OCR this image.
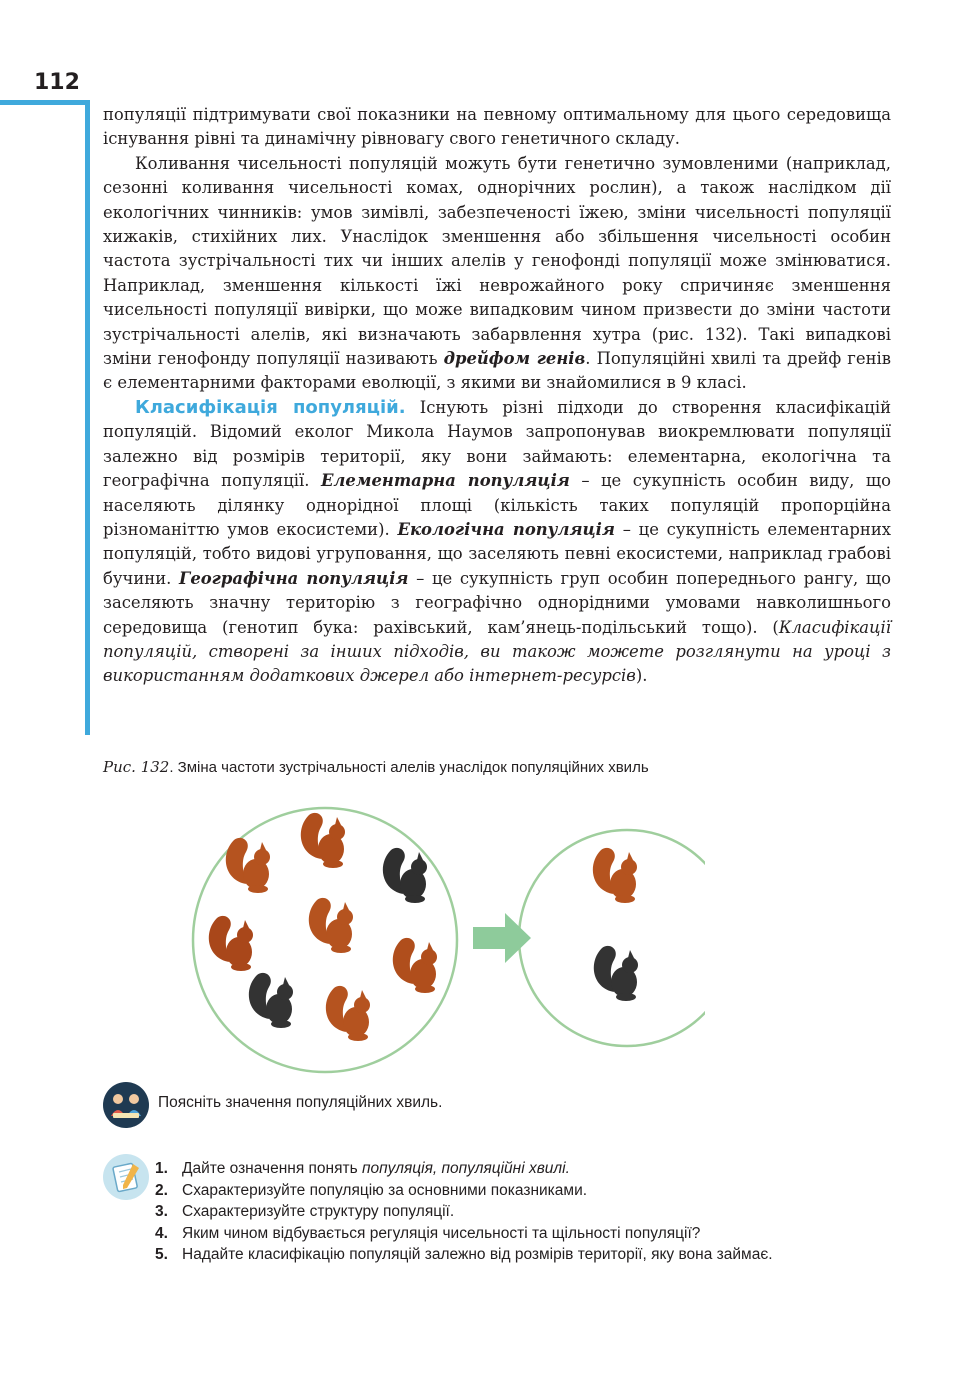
112

популяції підтримувати свої показники на певному оптимальному для цього середовища існування рівні та динамічну рівновагу свого генетичного складу.

Коливання чисельності популяцій можуть бути генетично зумовленими (наприклад, сезонні коливання чисельності комах, однорічних рослин), а також наслідком дії екологічних чинників: умов зимівлі, забезпеченості їжею, зміни чисельності популяції хижаків, стихійних лих. Унаслідок зменшення або збільшення чисельності особин частота зустрічальності тих чи інших алелів у генофонді популяції може змінюватися. Наприклад, зменшення кількості їжі неврожайного року спричиняє зменшення чисельності популяції вивірки, що може випадковим чином призвести до зміни частоти зустрічальності алелів, які визначають забарвлення хутра (рис. 132). Такі випадкові зміни генофонду популяції називають дрейфом генів. Популяційні хвилі та дрейф генів є елементарними факторами еволюції, з якими ви знайомилися в 9 класі.

Класифікація популяцій. Існують різні підходи до створення класифікацій популяцій. Відомий еколог Микола Наумов запропонував виокремлювати популяції залежно від розмірів території, яку вони займають: елементарна, екологічна та географічна популяції. Елементарна популяція – це сукупність особин виду, що населяють ділянку однорідної площі (кількість таких популяцій пропорційна різноманіттю умов екосистеми). Екологічна популяція – це сукупність елементарних популяцій, тобто видові угруповання, що заселяють певні екосистеми, наприклад грабові бучини. Географічна популяція – це сукупність груп особин попереднього рангу, що заселяють значну територію з географічно однорідними умовами навколишнього середовища (генотип бука: рахівський, кам’янець-подільський тощо). (Класифікації популяцій, створені за інших підходів, ви також можете розглянути на уроці з використанням додаткових джерел або інтернет-ресурсів).

Рис. 132. Зміна частоти зустрічальності алелів унаслідок популяційних хвиль
Поясніть значення популяційних хвиль.
1. Дайте означення понять популяція, популяційні хвилі.
2. Схарактеризуйте популяцію за основними показниками.
3. Схарактеризуйте структуру популяції.
4. Яким чином відбувається регуляція чисельності та щільності популяції?
5. Надайте класифікацію популяцій залежно від розмірів території, яку вона займає.
